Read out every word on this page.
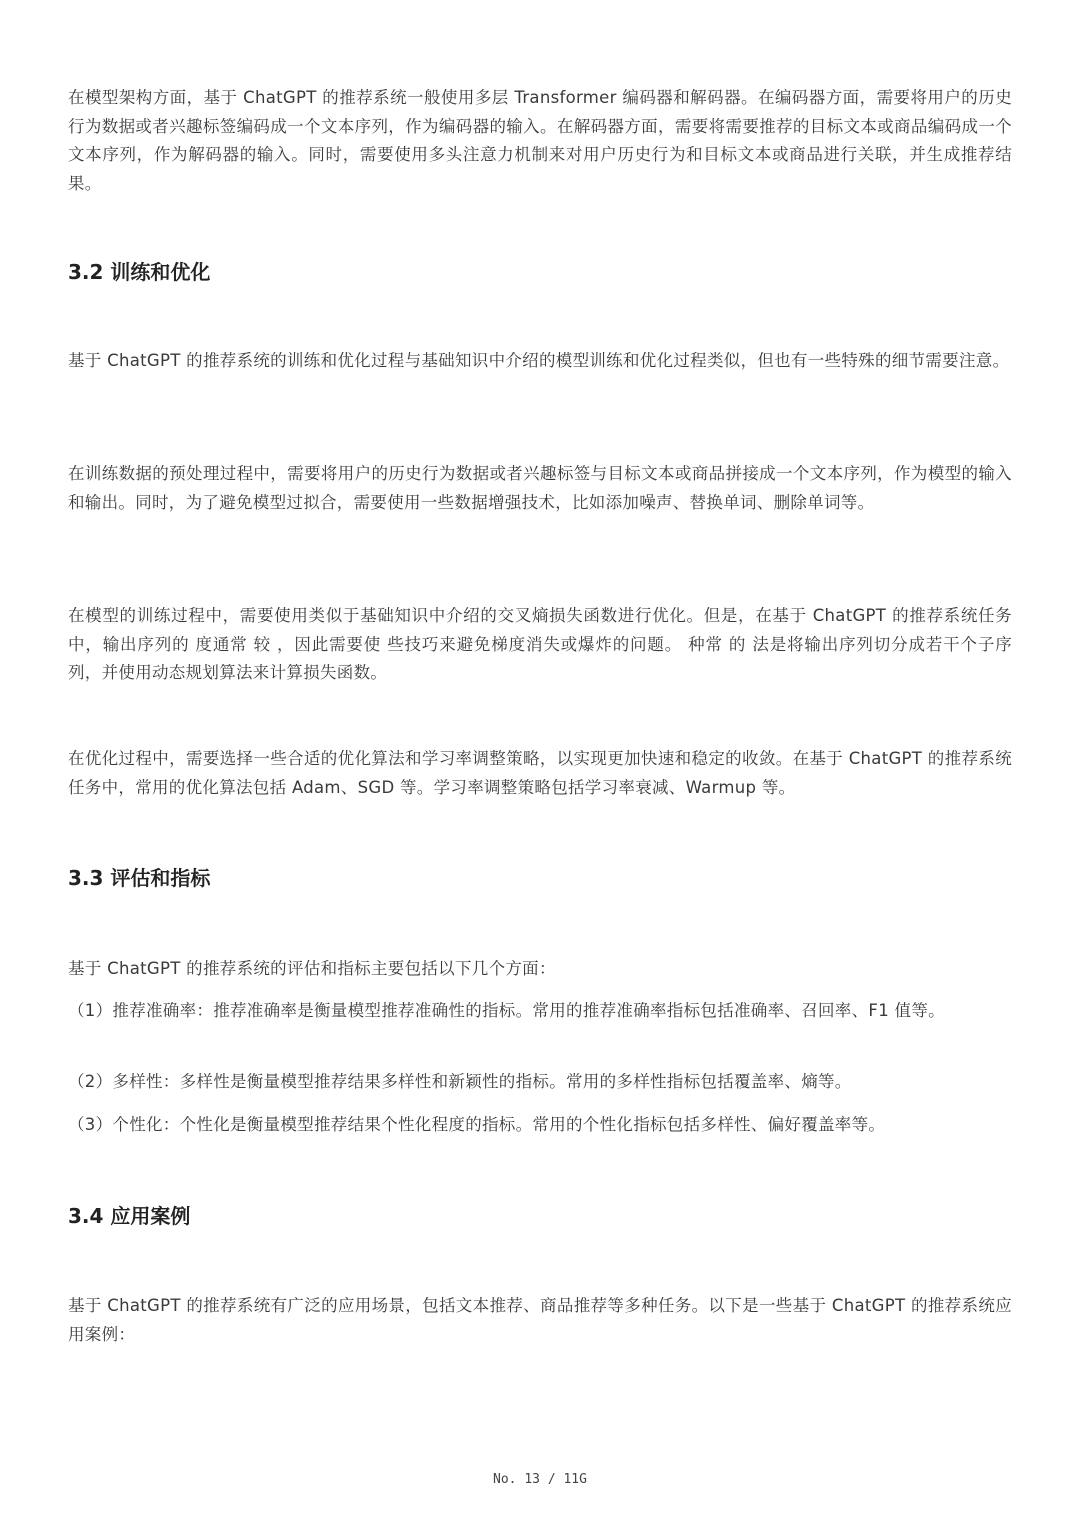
在模型架构方面，基于 ChatGPT 的推荐系统一般使用多层 Transformer 编码器和解码器。在编码器方面，需要将用户的历史行为数据或者兴趣标签编码成一个文本序列，作为编码器的输入。在解码器方面，需要将需要推荐的目标文本或商品编码成一个文本序列，作为解码器的输入。同时，需要使用多头注意力机制来对用户历史行为和目标文本或商品进行关联，并生成推荐结果。

3.2 训练和优化

基于 ChatGPT 的推荐系统的训练和优化过程与基础知识中介绍的模型训练和优化过程类似，但也有一些特殊的细节需要注意。

在训练数据的预处理过程中，需要将用户的历史行为数据或者兴趣标签与目标文本或商品拼接成一个文本序列，作为模型的输入和输出。同时，为了避免模型过拟合，需要使用一些数据增强技术，比如添加噪声、替换单词、删除单词等。

在模型的训练过程中，需要使用类似于基础知识中介绍的交叉熵损失函数进行优化。但是，在基于 ChatGPT 的推荐系统任务中，输出序列的 度通常 较 ，因此需要使 些技巧来避免梯度消失或爆炸的问题。 种常 的 法是将输出序列切分成若干个子序列，并使用动态规划算法来计算损失函数。

在优化过程中，需要选择一些合适的优化算法和学习率调整策略，以实现更加快速和稳定的收敛。在基于 ChatGPT 的推荐系统任务中，常用的优化算法包括 Adam、SGD 等。学习率调整策略包括学习率衰减、Warmup 等。

3.3 评估和指标

基于 ChatGPT 的推荐系统的评估和指标主要包括以下几个方面：

（1）推荐准确率：推荐准确率是衡量模型推荐准确性的指标。常用的推荐准确率指标包括准确率、召回率、F1 值等。

（2）多样性：多样性是衡量模型推荐结果多样性和新颖性的指标。常用的多样性指标包括覆盖率、熵等。

（3）个性化：个性化是衡量模型推荐结果个性化程度的指标。常用的个性化指标包括多样性、偏好覆盖率等。

3.4 应用案例

基于 ChatGPT 的推荐系统有广泛的应用场景，包括文本推荐、商品推荐等多种任务。以下是一些基于 ChatGPT 的推荐系统应用案例：

No. 13 / 11G
